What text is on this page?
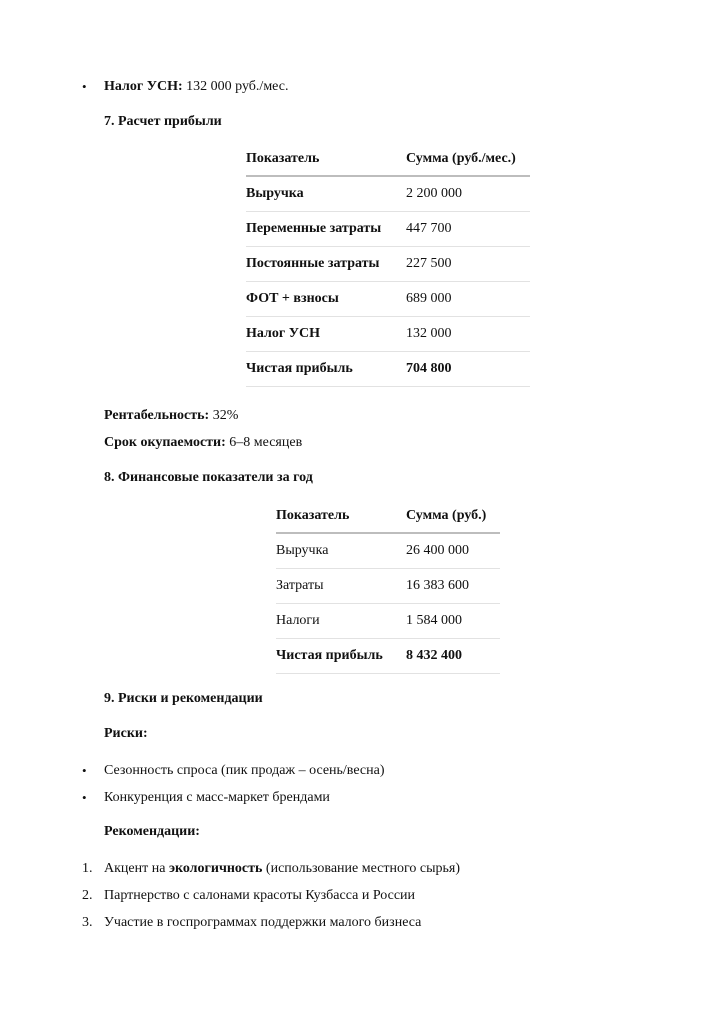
• Налог УСН: 132 000 руб./мес.
7. Расчет прибыли
Показатель	Сумма (руб./мес.)
Выручка	2 200 000
Переменные затраты	447 700
Постоянные затраты	227 500
ФОТ + взносы	689 000
Налог УСН	132 000
Чистая прибыль	704 800
Рентабельность: 32%
Срок окупаемости: 6–8 месяцев
8. Финансовые показатели за год
Показатель	Сумма (руб.)
Выручка	26 400 000
Затраты	16 383 600
Налоги	1 584 000
Чистая прибыль	8 432 400
9. Риски и рекомендации
Риски:
• Сезонность спроса (пик продаж – осень/весна)
• Конкуренция с масс-маркет брендами
Рекомендации:
1. Акцент на экологичность (использование местного сырья)
2. Партнерство с салонами красоты Кузбасса и России
3. Участие в госпрограммах поддержки малого бизнеса
